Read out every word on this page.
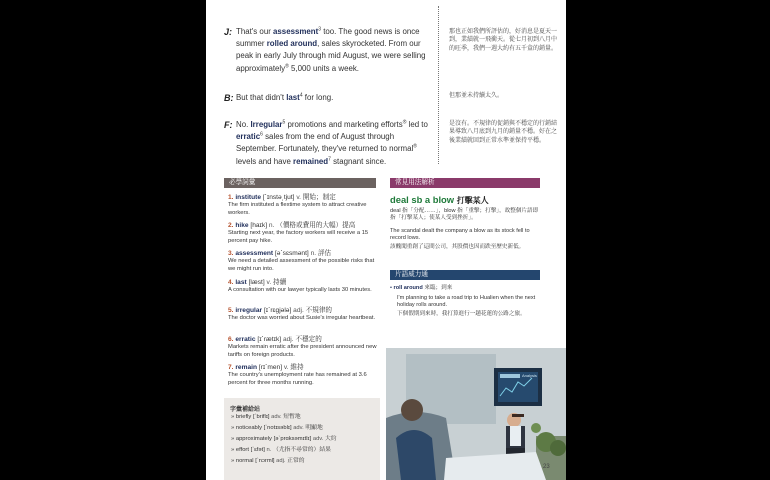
J: That's our assessment$^3$ too. The good news is once summer rolled around, sales skyrocketed. From our peak in early July through mid August, we were selling approximately® 5,000 units a week.
B: But that didn't last$^4$ for long.
F: No. Irregular$^5$ promotions and marketing efforts® led to erratic$^6$ sales from the end of August through September. Fortunately, they've returned to normal® levels and have remained$^7$ stagnant since.
那也正如我們所評估的，好消息是夏天一到，業績就一飛衝天。從七月初到八月中的旺季，我們一週大約有五千盒的銷量。
但那並未持續太久。
是沒有。不規律的促銷與不穩定的行銷結果導致八月底到九月的銷量不穩。好在之後業績就回到正常水準並保持平穩。
必學詞彙	常見用法解析
片語威力通
1. institute [ˋɪnstə͵tjut] v. 開始；制定
The firm instituted a flextime system to attract creative workers.
2. hike [haɪk] n. （價格或費用的大幅）提高
Starting next year, the factory workers will receive a 15 percent pay hike.
3. assessment [əˋsɛsmənt] n. 評估
We need a detailed assessment of the possible risks that we might run into.
4. last [læst] v. 持續
A consultation with our lawyer typically lasts 30 minutes.
5. irregular [ɪˋrɛgjələ] adj. 不規律的
The doctor was worried about Susie's irregular heartbeat.
6. erratic [ɪˋrætɪk] adj. 不穩定的
Markets remain erratic after the president announced new tariffs on foreign products.
7. remain [rɪˋmen] v. 維持
The country's unemployment rate has remained at 3.6 percent for three months running.
deal sb a blow 打擊某人
deal 指「分配……」，blow 指「重擊；打擊」，故整個片語即指「打擊某人；使某人受到挫折」。
The scandal dealt the company a blow as its stock fell to record lows.
該醜聞重創了這間公司，其股價也因而跌至歷史新低。
• roll around 來臨；到來
I'm planning to take a road trip to Hualien when the next holiday rolls around.
下個假期到來時，我打算進行一趟花蓮的公路之旅。
字彙補給站
» briefly [ˋbriflɪ] adv. 短暫地
» noticeably [ˋnotɪsəblɪ] adv. 明顯地
» approximately [əˋprɑksəmɪtlɪ] adv. 大約
» effort [ˋɛfət] n. （尤指不尋常的）結果
» normal [ˋnɔrml] adj. 正常的
Analysis
23
